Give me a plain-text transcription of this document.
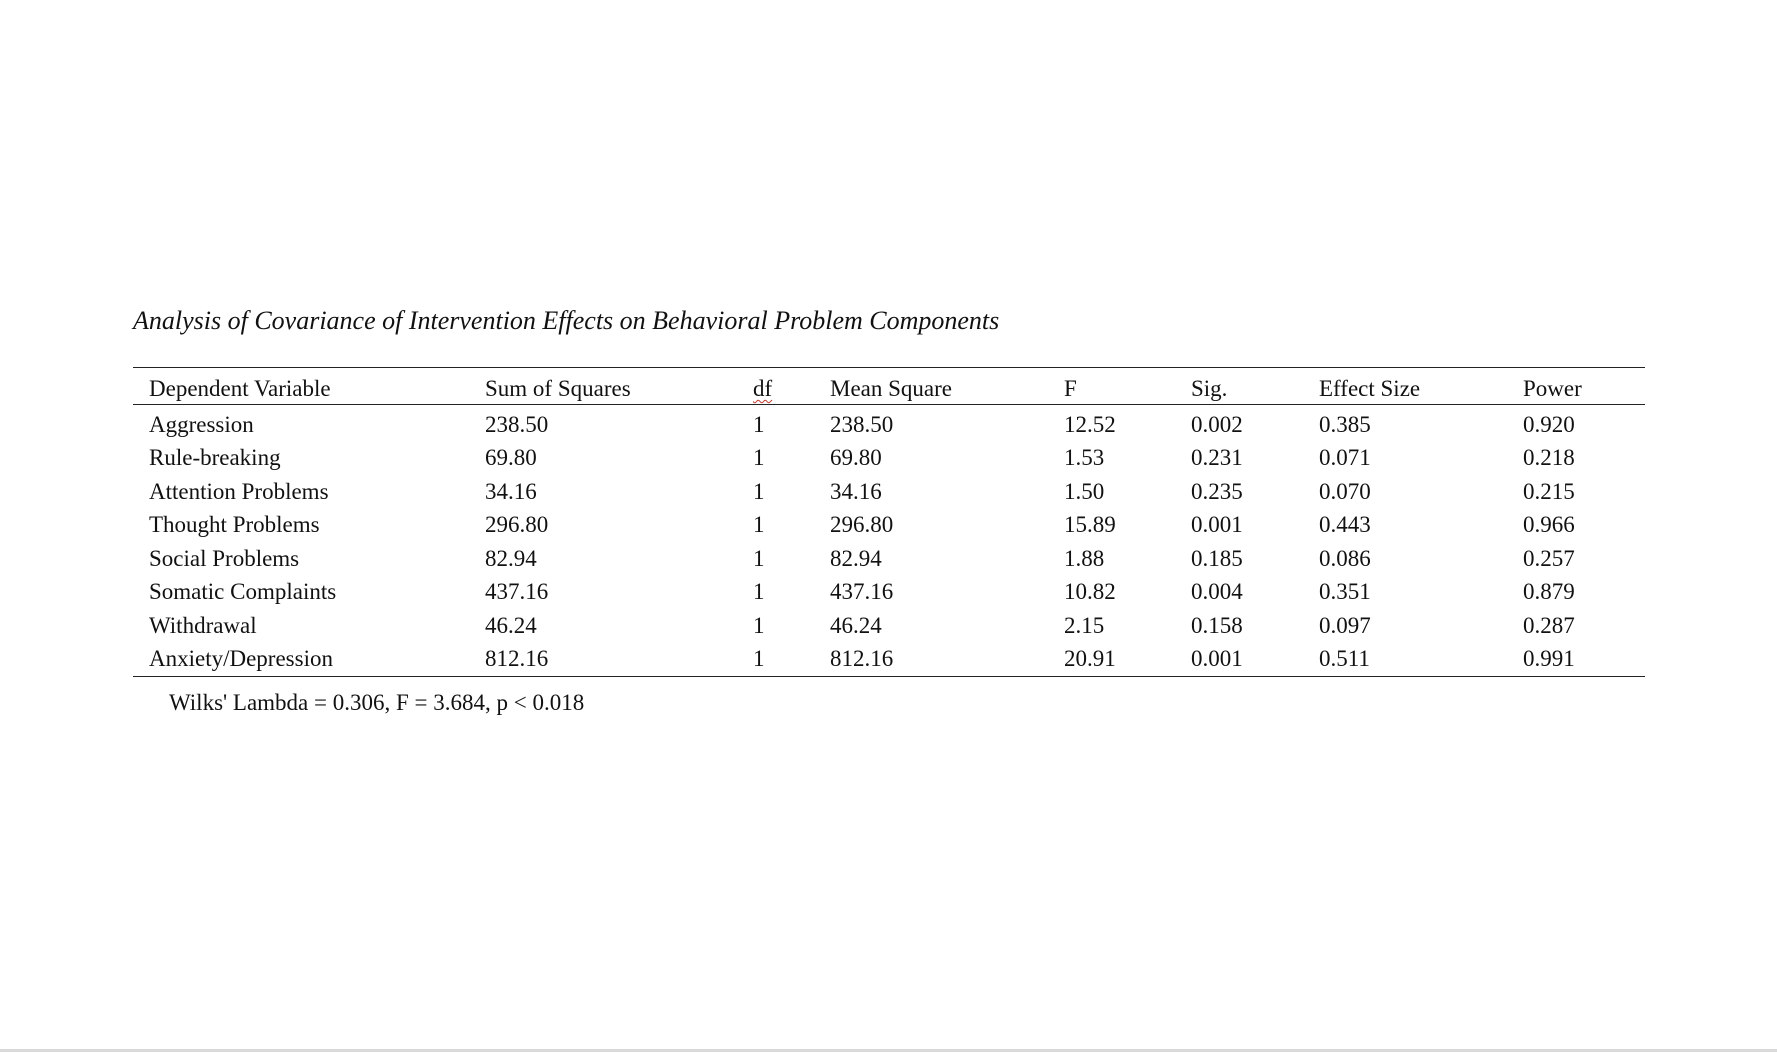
Analysis of Covariance of Intervention Effects on Behavioral Problem Components
Dependent Variable	Sum of Squares	df	Mean Square	F	Sig.	Effect Size	Power
Aggression	238.50	1	238.50	12.52	0.002	0.385	0.920
Rule-breaking	69.80	1	69.80	1.53	0.231	0.071	0.218
Attention Problems	34.16	1	34.16	1.50	0.235	0.070	0.215
Thought Problems	296.80	1	296.80	15.89	0.001	0.443	0.966
Social Problems	82.94	1	82.94	1.88	0.185	0.086	0.257
Somatic Complaints	437.16	1	437.16	10.82	0.004	0.351	0.879
Withdrawal	46.24	1	46.24	2.15	0.158	0.097	0.287
Anxiety/Depression	812.16	1	812.16	20.91	0.001	0.511	0.991
Wilks' Lambda = 0.306, F = 3.684, p < 0.018
